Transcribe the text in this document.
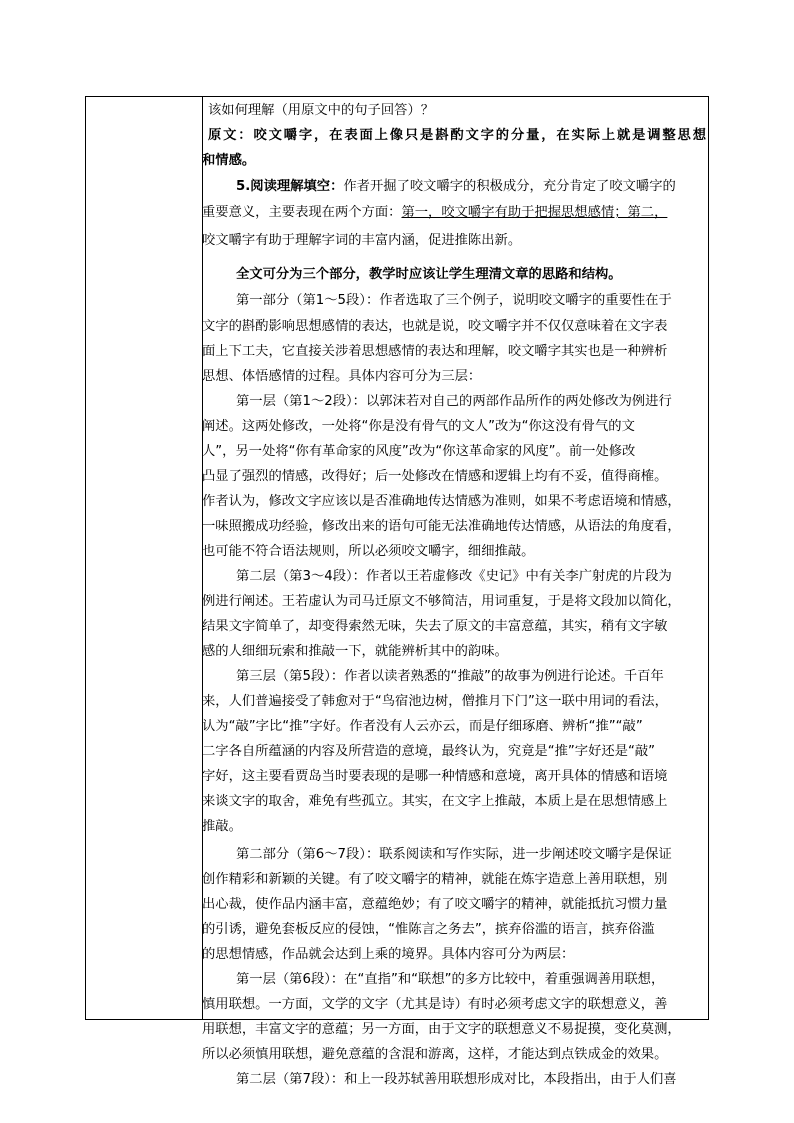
该如何理解（用原文中的句子回答）？
原文：咬文嚼字，在表面上像只是斟酌文字的分量，在实际上就是调整思想
和情感。
5.阅读理解填空：作者开掘了咬文嚼字的积极成分，充分肯定了咬文嚼字的
重要意义，主要表现在两个方面：第一，咬文嚼字有助于把握思想感情；第二，
咬文嚼字有助于理解字词的丰富内涵，促进推陈出新。
全文可分为三个部分，教学时应该让学生理清文章的思路和结构。
第一部分（第1～5段）：作者选取了三个例子，说明咬文嚼字的重要性在于
文字的斟酌影响思想感情的表达，也就是说，咬文嚼字并不仅仅意味着在文字表
面上下工夫，它直接关涉着思想感情的表达和理解，咬文嚼字其实也是一种辨析
思想、体悟感情的过程。具体内容可分为三层：
第一层（第1～2段）：以郭沫若对自己的两部作品所作的两处修改为例进行
阐述。这两处修改，一处将“你是没有骨气的文人”改为“你这没有骨气的文
人”，另一处将“你有革命家的风度”改为“你这革命家的风度”。前一处修改
凸显了强烈的情感，改得好；后一处修改在情感和逻辑上均有不妥，值得商榷。
作者认为，修改文字应该以是否准确地传达情感为准则，如果不考虑语境和情感，
一味照搬成功经验，修改出来的语句可能无法准确地传达情感，从语法的角度看，
也可能不符合语法规则，所以必须咬文嚼字，细细推敲。
第二层（第3～4段）：作者以王若虚修改《史记》中有关李广射虎的片段为
例进行阐述。王若虚认为司马迁原文不够简洁，用词重复，于是将文段加以简化，
结果文字简单了，却变得索然无味，失去了原文的丰富意蕴，其实，稍有文字敏
感的人细细玩索和推敲一下，就能辨析其中的韵味。
第三层（第5段）：作者以读者熟悉的“推敲”的故事为例进行论述。千百年
来，人们普遍接受了韩愈对于“鸟宿池边树，僧推月下门”这一联中用词的看法，
认为“敲”字比“推”字好。作者没有人云亦云，而是仔细琢磨、辨析“推”“敲”
二字各自所蕴涵的内容及所营造的意境，最终认为，究竟是“推”字好还是“敲”
字好，这主要看贾岛当时要表现的是哪一种情感和意境，离开具体的情感和语境
来谈文字的取舍，难免有些孤立。其实，在文字上推敲，本质上是在思想情感上
推敲。
第二部分（第6～7段）：联系阅读和写作实际，进一步阐述咬文嚼字是保证
创作精彩和新颖的关键。有了咬文嚼字的精神，就能在炼字造意上善用联想，别
出心裁，使作品内涵丰富，意蕴绝妙；有了咬文嚼字的精神，就能抵抗习惯力量
的引诱，避免套板反应的侵蚀，“惟陈言之务去”，摈弃俗滥的语言，摈弃俗滥
的思想情感，作品就会达到上乘的境界。具体内容可分为两层：
第一层（第6段）：在“直指”和“联想”的多方比较中，着重强调善用联想，
慎用联想。一方面，文学的文字（尤其是诗）有时必须考虑文字的联想意义，善
用联想，丰富文字的意蕴；另一方面，由于文字的联想意义不易捉摸，变化莫测，
所以必须慎用联想，避免意蕴的含混和游离，这样，才能达到点铁成金的效果。
第二层（第7段）：和上一段苏轼善用联想形成对比，本段指出，由于人们喜
